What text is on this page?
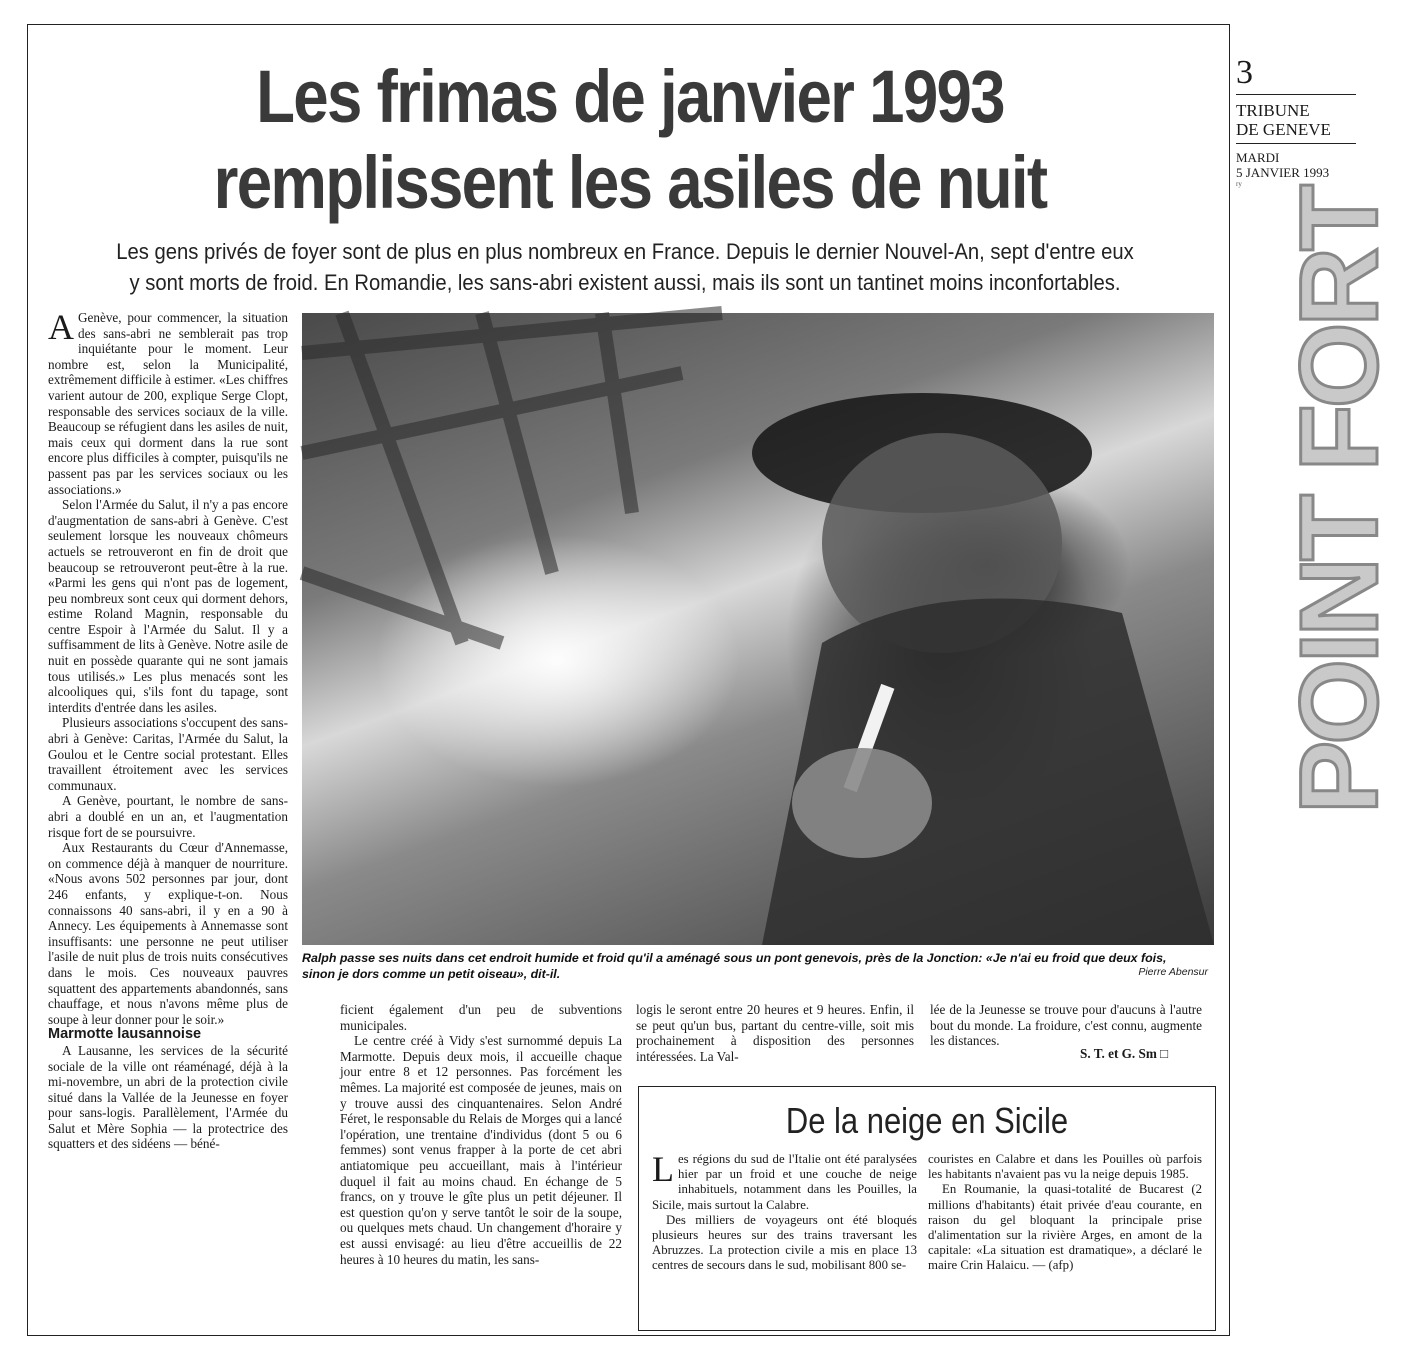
Les frimas de janvier 1993
remplissent les asiles de nuit
Les gens privés de foyer sont de plus en plus nombreux en France. Depuis le dernier Nouvel-An, sept d'entre eux
y sont morts de froid. En Romandie, les sans-abri existent aussi, mais ils sont un tantinet moins inconfortables.

A Genève, pour commencer, la situation des sans-abri ne semblerait pas trop inquiétante pour le moment. Leur nombre est, selon la Municipalité, extrêmement difficile à estimer. «Les chiffres varient autour de 200, explique Serge Clopt, responsable des services sociaux de la ville. Beaucoup se réfugient dans les asiles de nuit, mais ceux qui dorment dans la rue sont encore plus difficiles à compter, puisqu'ils ne passent pas par les services sociaux ou les associations.»

Selon l'Armée du Salut, il n'y a pas encore d'augmentation de sans-abri à Genève. C'est seulement lorsque les nouveaux chômeurs actuels se retrouveront en fin de droit que beaucoup se retrouveront peut-être à la rue. «Parmi les gens qui n'ont pas de logement, peu nombreux sont ceux qui dorment dehors, estime Roland Magnin, responsable du centre Espoir à l'Armée du Salut. Il y a suffisamment de lits à Genève. Notre asile de nuit en possède quarante qui ne sont jamais tous utilisés.» Les plus menacés sont les alcooliques qui, s'ils font du tapage, sont interdits d'entrée dans les asiles.

Plusieurs associations s'occupent des sans-abri à Genève: Caritas, l'Armée du Salut, la Goulou et le Centre social protestant. Elles travaillent étroitement avec les services communaux.

A Genève, pourtant, le nombre de sans-abri a doublé en un an, et l'augmentation risque fort de se poursuivre.

Aux Restaurants du Cœur d'Annemasse, on commence déjà à manquer de nourriture. «Nous avons 502 personnes par jour, dont 246 enfants, y explique-t-on. Nous connaissons 40 sans-abri, il y en a 90 à Annecy. Les équipements à Annemasse sont insuffisants: une personne ne peut utiliser l'asile de nuit plus de trois nuits consécutives dans le mois. Ces nouveaux pauvres squattent des appartements abandonnés, sans chauffage, et nous n'avons même plus de soupe à leur donner pour le soir.»

Marmotte lausannoise

A Lausanne, les services de la sécurité sociale de la ville ont réaménagé, déjà à la mi-novembre, un abri de la protection civile situé dans la Vallée de la Jeunesse en foyer pour sans-logis. Parallèlement, l'Armée du Salut et Mère Sophia — la protectrice des squatters et des sidéens — béné-

Ralph passe ses nuits dans cet endroit humide et froid qu'il a aménagé sous un pont genevois, près de la Jonction: «Je n'ai eu froid que deux fois, sinon je dors comme un petit oiseau», dit-il.	Pierre Abensur

ficient également d'un peu de subventions municipales.

Le centre créé à Vidy s'est surnommé depuis La Marmotte. Depuis deux mois, il accueille chaque jour entre 8 et 12 personnes. Pas forcément les mêmes. La majorité est composée de jeunes, mais on y trouve aussi des cinquantenaires. Selon André Féret, le responsable du Relais de Morges qui a lancé l'opération, une trentaine d'individus (dont 5 ou 6 femmes) sont venus frapper à la porte de cet abri antiatomique peu accueillant, mais à l'intérieur duquel il fait au moins chaud. En échange de 5 francs, on y trouve le gîte plus un petit déjeuner. Il est question qu'on y serve tantôt le soir de la soupe, ou quelques mets chaud. Un changement d'horaire y est aussi envisagé: au lieu d'être accueillis de 22 heures à 10 heures du matin, les sans-

logis le seront entre 20 heures et 9 heures. Enfin, il se peut qu'un bus, partant du centre-ville, soit mis prochainement à disposition des personnes intéressées. La Val-

lée de la Jeunesse se trouve pour d'aucuns à l'autre bout du monde. La froidure, c'est connu, augmente les distances.

S. T. et G. Sm □
De la neige en Sicile

Les régions du sud de l'Italie ont été paralysées hier par un froid et une couche de neige inhabituels, notamment dans les Pouilles, la Sicile, mais surtout la Calabre.

Des milliers de voyageurs ont été bloqués plusieurs heures sur des trains traversant les Abruzzes. La protection civile a mis en place 13 centres de secours dans le sud, mobilisant 800 se-

couristes en Calabre et dans les Pouilles où parfois les habitants n'avaient pas vu la neige depuis 1985.

En Roumanie, la quasi-totalité de Bucarest (2 millions d'habitants) était privée d'eau courante, en raison du gel bloquant la principale prise d'alimentation sur la rivière Arges, en amont de la capitale: «La situation est dramatique», a déclaré le maire Crin Halaicu. — (afp)

3
TRIBUNE
DE GENEVE
MARDI
5 JANVIER 1993
ry
POINT FORT
